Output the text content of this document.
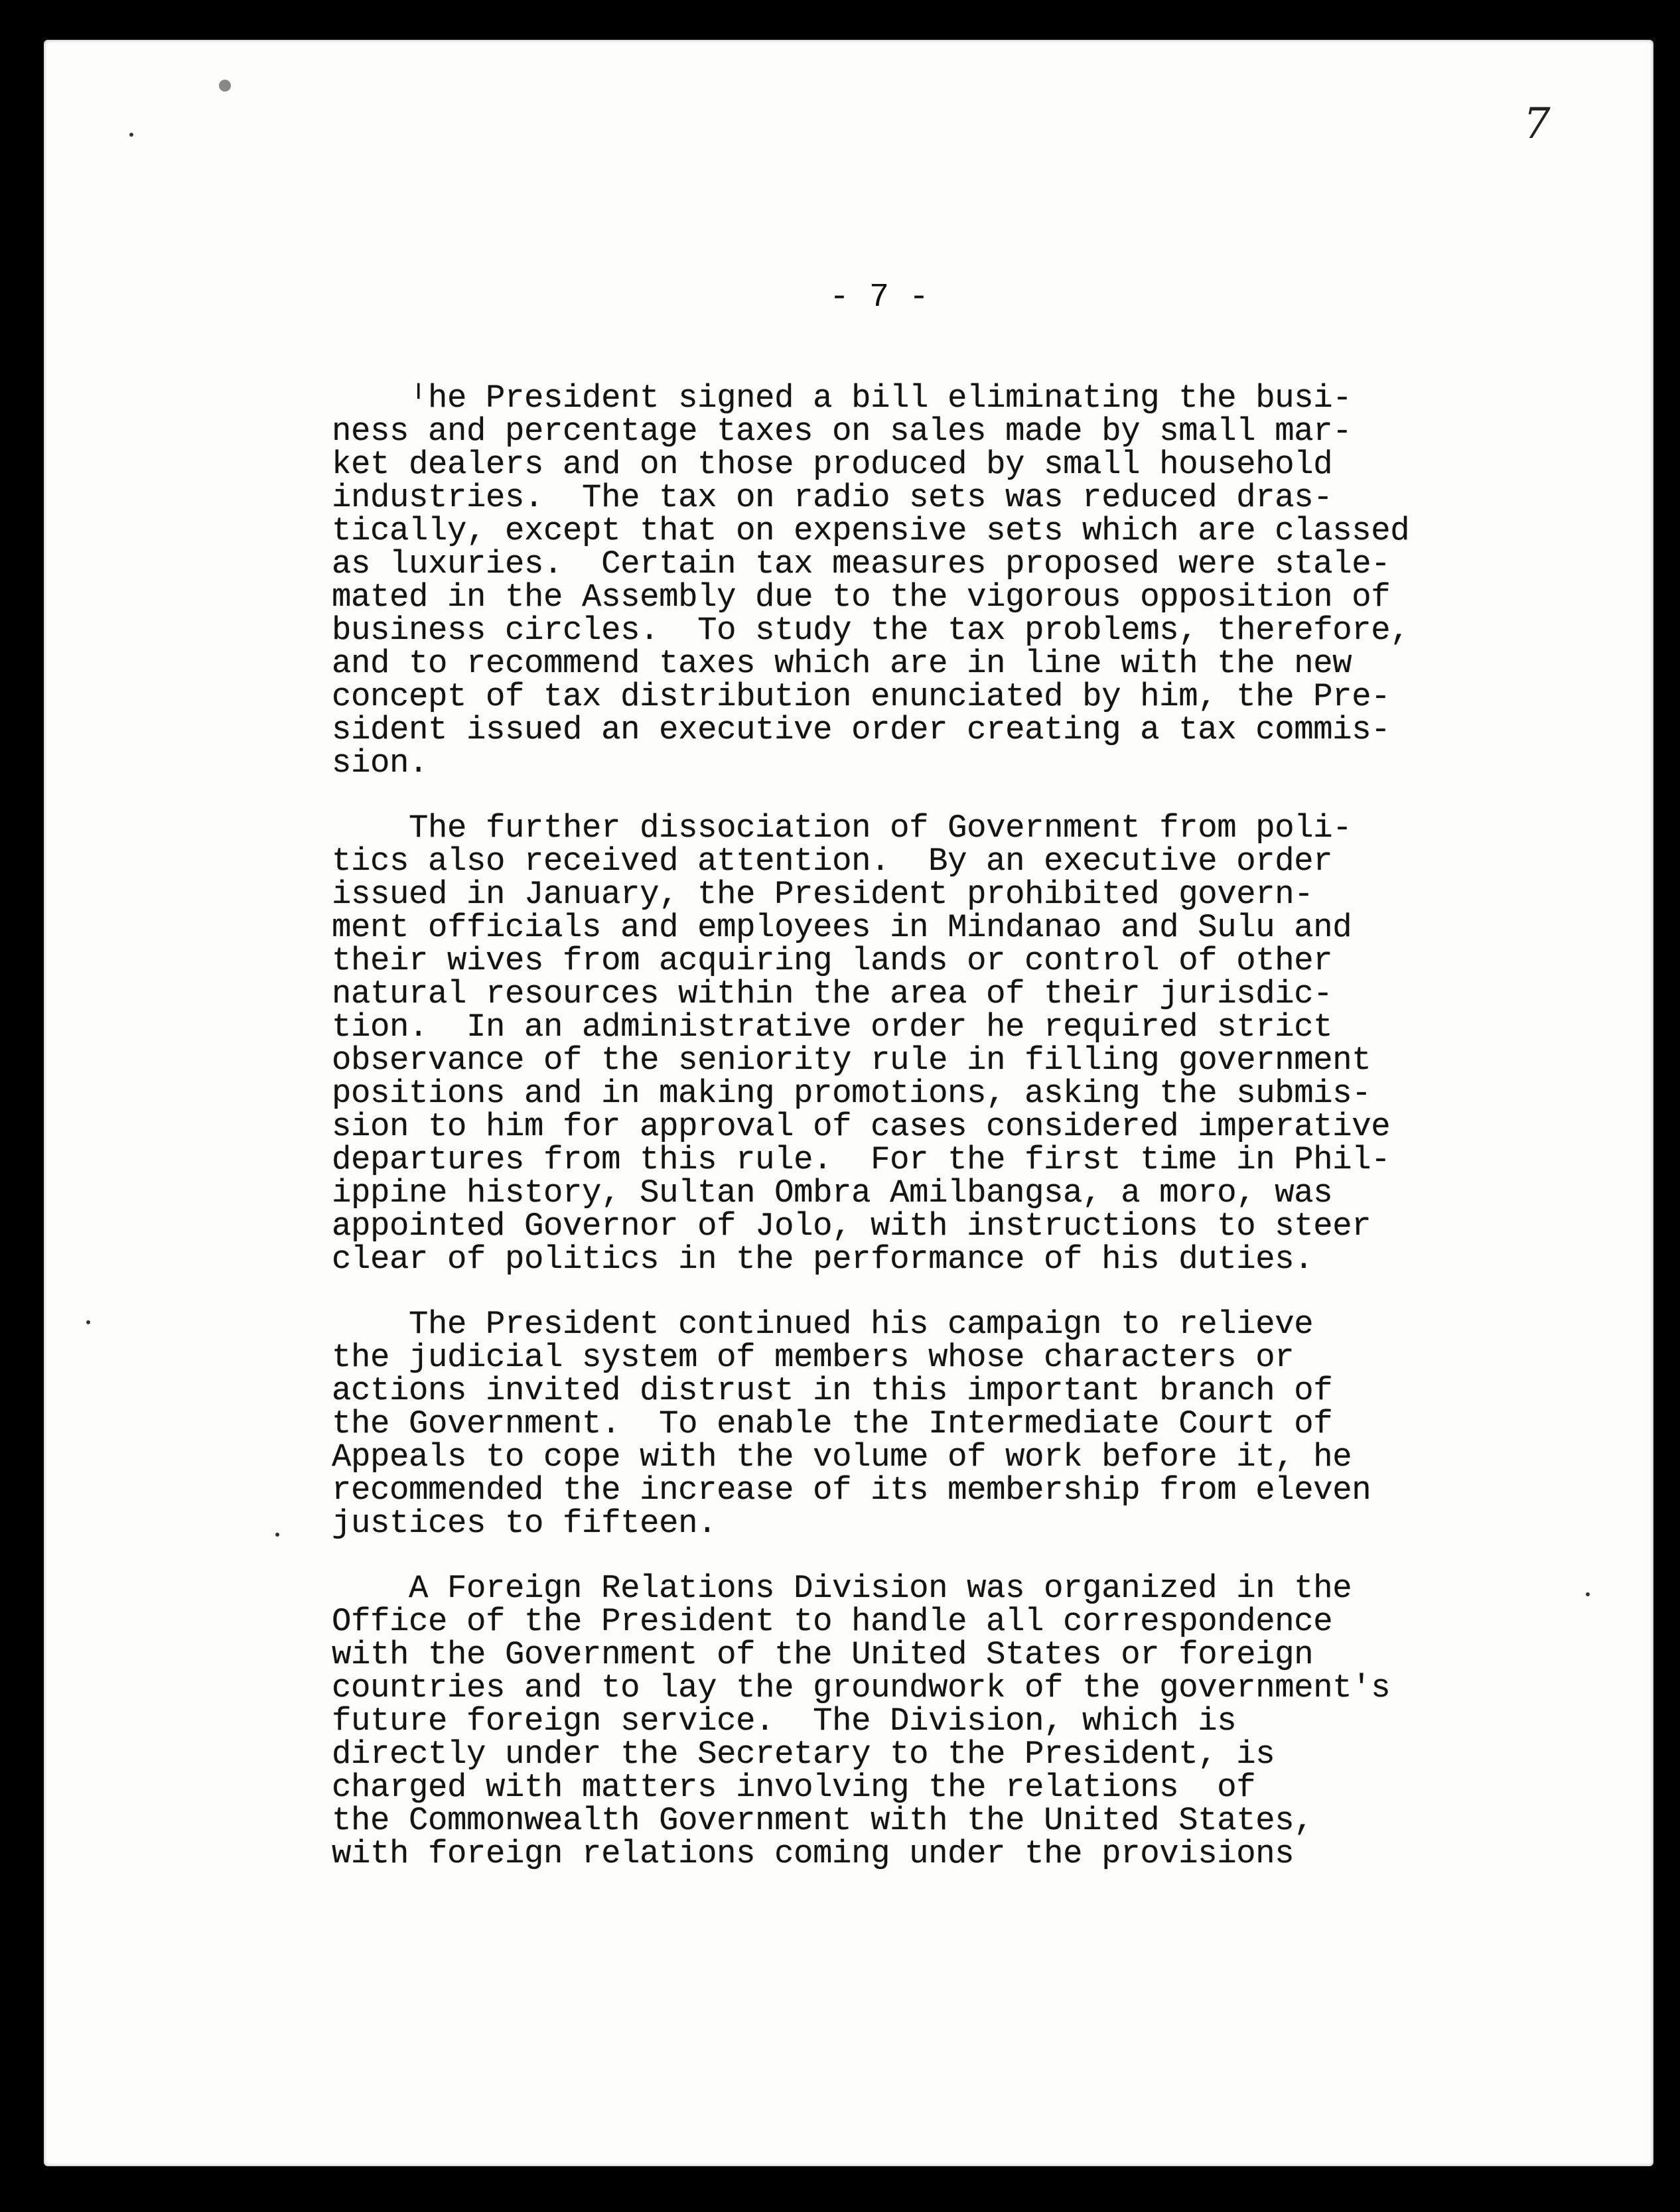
7
- 7 -
ᴵhe President signed a bill eliminating the busi-
ness and percentage taxes on sales made by small mar-
ket dealers and on those produced by small household
industries.  The tax on radio sets was reduced dras-
tically, except that on expensive sets which are classed
as luxuries.  Certain tax measures proposed were stale-
mated in the Assembly due to the vigorous opposition of
business circles.  To study the tax problems, therefore,
and to recommend taxes which are in line with the new
concept of tax distribution enunciated by him, the Pre-
sident issued an executive order creating a tax commis-
sion.
The further dissociation of Government from poli-
tics also received attention.  By an executive order
issued in January, the President prohibited govern-
ment officials and employees in Mindanao and Sulu and
their wives from acquiring lands or control of other
natural resources within the area of their jurisdic-
tion.  In an administrative order he required strict
observance of the seniority rule in filling government
positions and in making promotions, asking the submis-
sion to him for approval of cases considered imperative
departures from this rule.  For the first time in Phil-
ippine history, Sultan Ombra Amilbangsa, a moro, was
appointed Governor of Jolo, with instructions to steer
clear of politics in the performance of his duties.
The President continued his campaign to relieve
the judicial system of members whose characters or
actions invited distrust in this important branch of
the Government.  To enable the Intermediate Court of
Appeals to cope with the volume of work before it, he
recommended the increase of its membership from eleven
justices to fifteen.
A Foreign Relations Division was organized in the
Office of the President to handle all correspondence
with the Government of the United States or foreign
countries and to lay the groundwork of the government's
future foreign service.  The Division, which is
directly under the Secretary to the President, is
charged with matters involving the relations  of
the Commonwealth Government with the United States,
with foreign relations coming under the provisions
